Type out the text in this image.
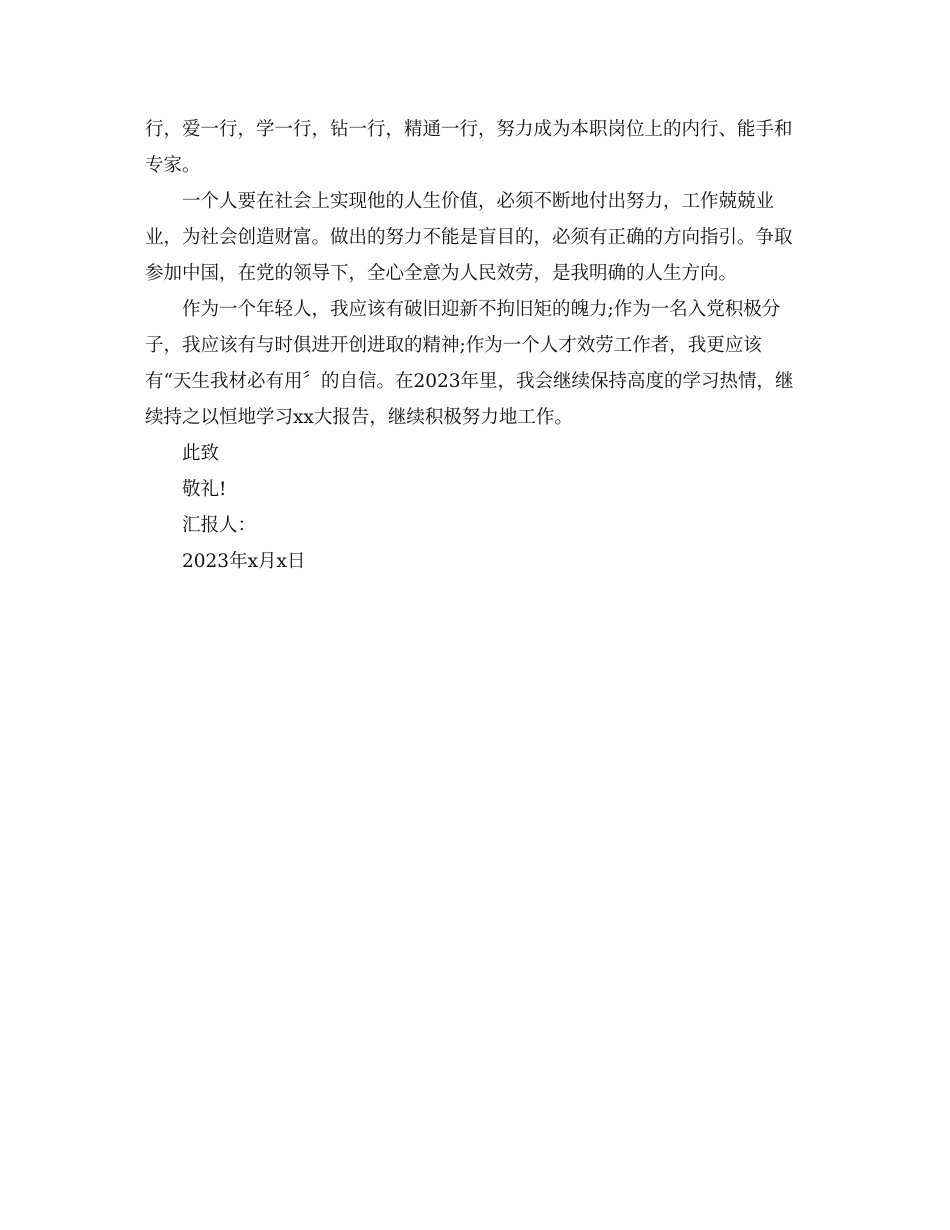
行，爱一行，学一行，钻一行，精通一行，努力成为本职岗位上的内行、能手和
专家。
一个人要在社会上实现他的人生价值，必须不断地付出努力，工作兢兢业
业，为社会创造财富。做出的努力不能是盲目的，必须有正确的方向指引。争取
参加中国，在党的领导下，全心全意为人民效劳，是我明确的人生方向。
作为一个年轻人，我应该有破旧迎新不拘旧矩的魄力;作为一名入党积极分
子，我应该有与时俱进开创进取的精神;作为一个人才效劳工作者，我更应该
有“天生我材必有用〞的自信。在2023年里，我会继续保持高度的学习热情，继
续持之以恒地学习xx大报告，继续积极努力地工作。
此致
敬礼!
汇报人：
2023年x月x日
